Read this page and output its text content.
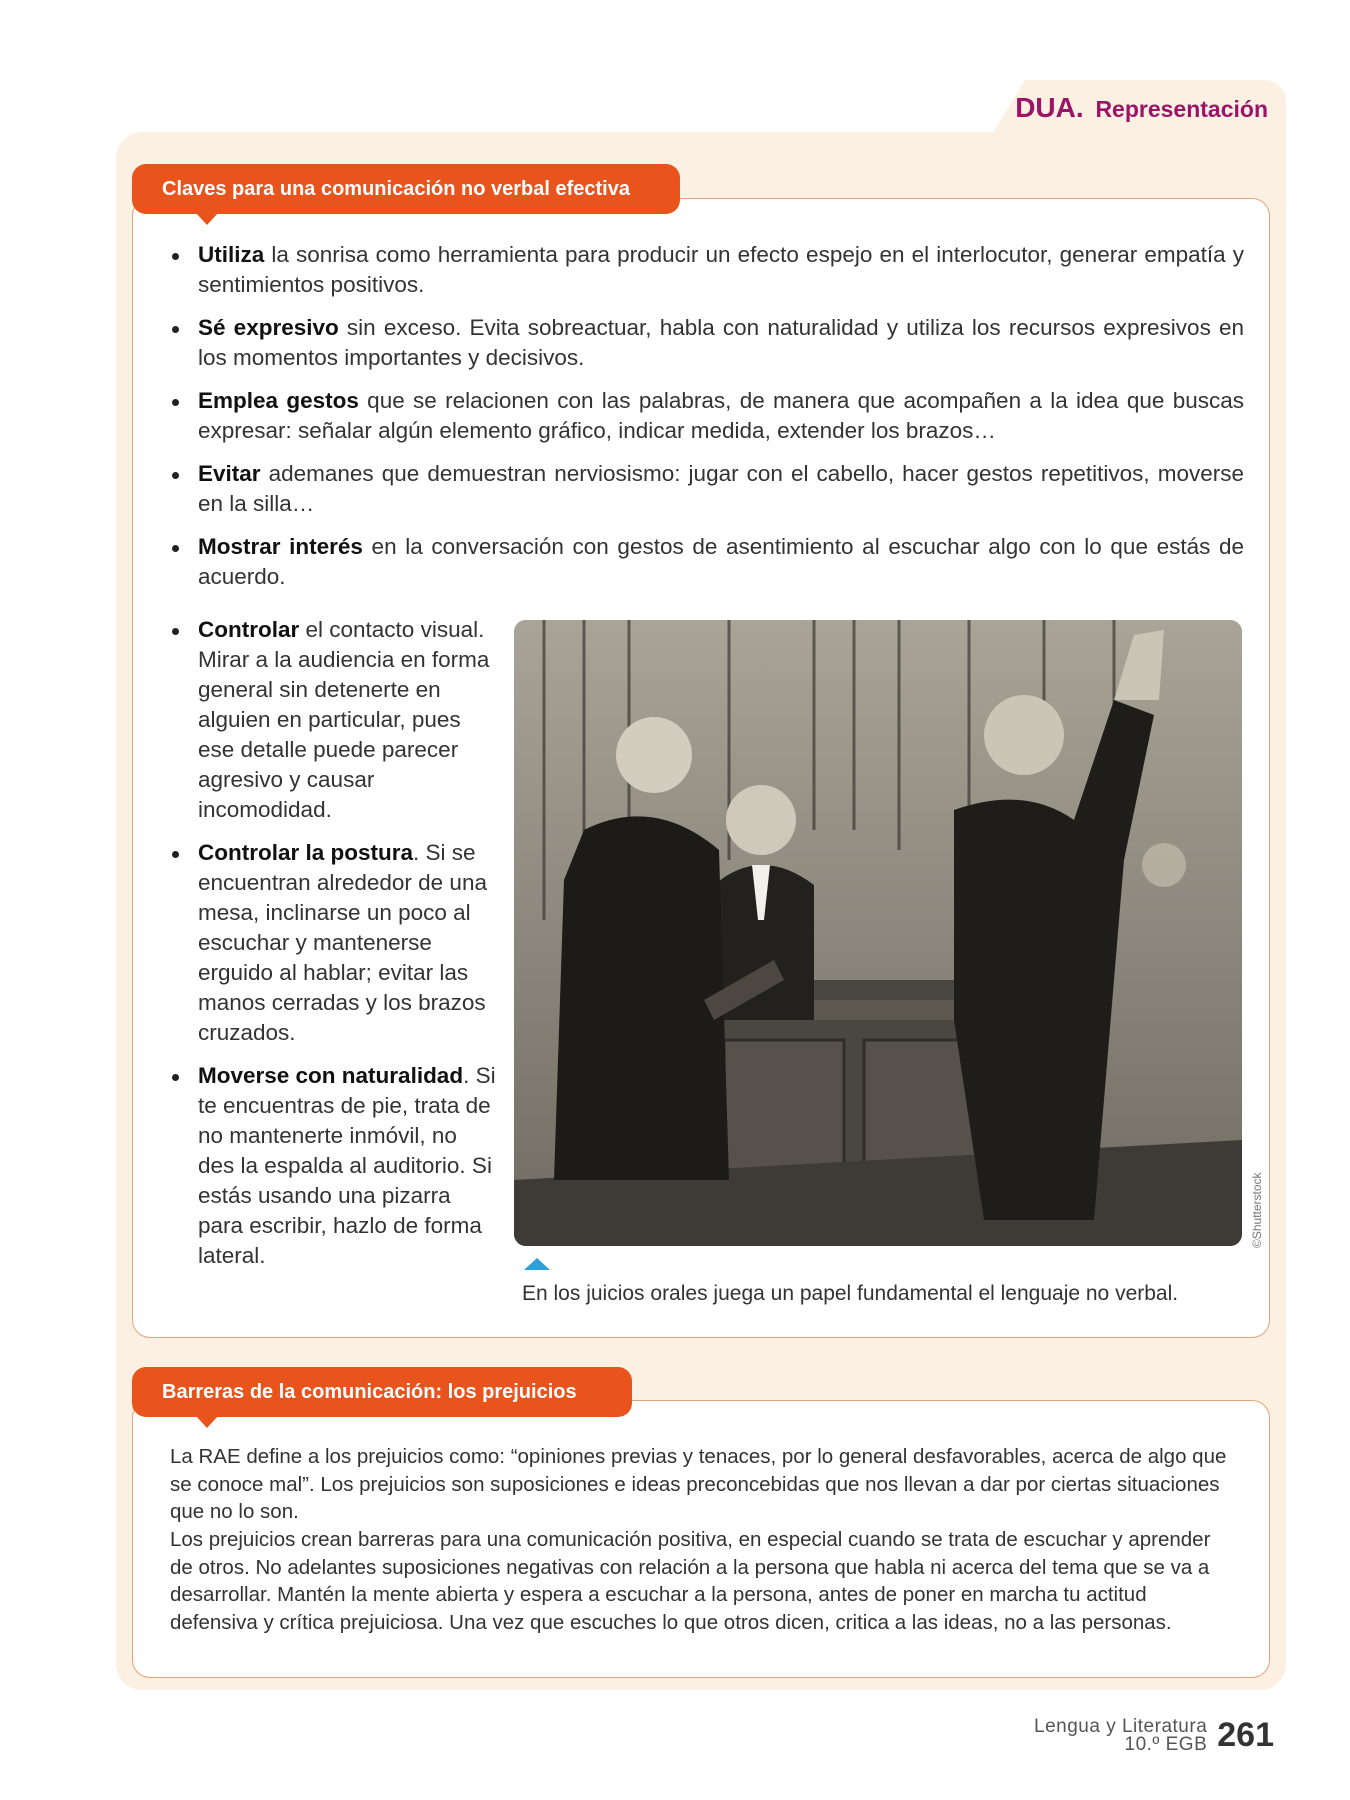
DUA. Representación
Claves para una comunicación no verbal efectiva
Utiliza la sonrisa como herramienta para producir un efecto espejo en el interlocutor, generar empatía y sentimientos positivos.
Sé expresivo sin exceso. Evita sobreactuar, habla con naturalidad y utiliza los recursos expresivos en los momentos importantes y decisivos.
Emplea gestos que se relacionen con las palabras, de manera que acompañen a la idea que buscas expresar: señalar algún elemento gráfico, indicar medida, extender los brazos…
Evitar ademanes que demuestran nerviosismo: jugar con el cabello, hacer gestos repetitivos, moverse en la silla…
Mostrar interés en la conversación con gestos de asentimiento al escuchar algo con lo que estás de acuerdo.
Controlar el contacto visual. Mirar a la audiencia en forma general sin detenerte en alguien en particular, pues ese detalle puede parecer agresivo y causar incomodidad.
Controlar la postura. Si se encuentran alrededor de una mesa, inclinarse un poco al escuchar y mantenerse erguido al hablar; evitar las manos cerradas y los brazos cruzados.
Moverse con naturalidad. Si te encuentras de pie, trata de no mantenerte inmóvil, no des la espalda al auditorio. Si estás usando una pizarra para escribir, hazlo de forma lateral.
©Shutterstock
En los juicios orales juega un papel fundamental el lenguaje no verbal.
Barreras de la comunicación: los prejuicios

La RAE define a los prejuicios como: “opiniones previas y tenaces, por lo general desfavorables, acerca de algo que se conoce mal”. Los prejuicios son suposiciones e ideas preconcebidas que nos llevan a dar por ciertas situaciones que no lo son.

Los prejuicios crean barreras para una comunicación positiva, en especial cuando se trata de escuchar y aprender de otros. No adelantes suposiciones negativas con relación a la persona que habla ni acerca del tema que se va a desarrollar. Mantén la mente abierta y espera a escuchar a la persona, antes de poner en marcha tu actitud defensiva y crítica prejuiciosa. Una vez que escuches lo que otros dicen, critica a las ideas, no a las personas.

Lengua y Literatura
10.º EGB 261
